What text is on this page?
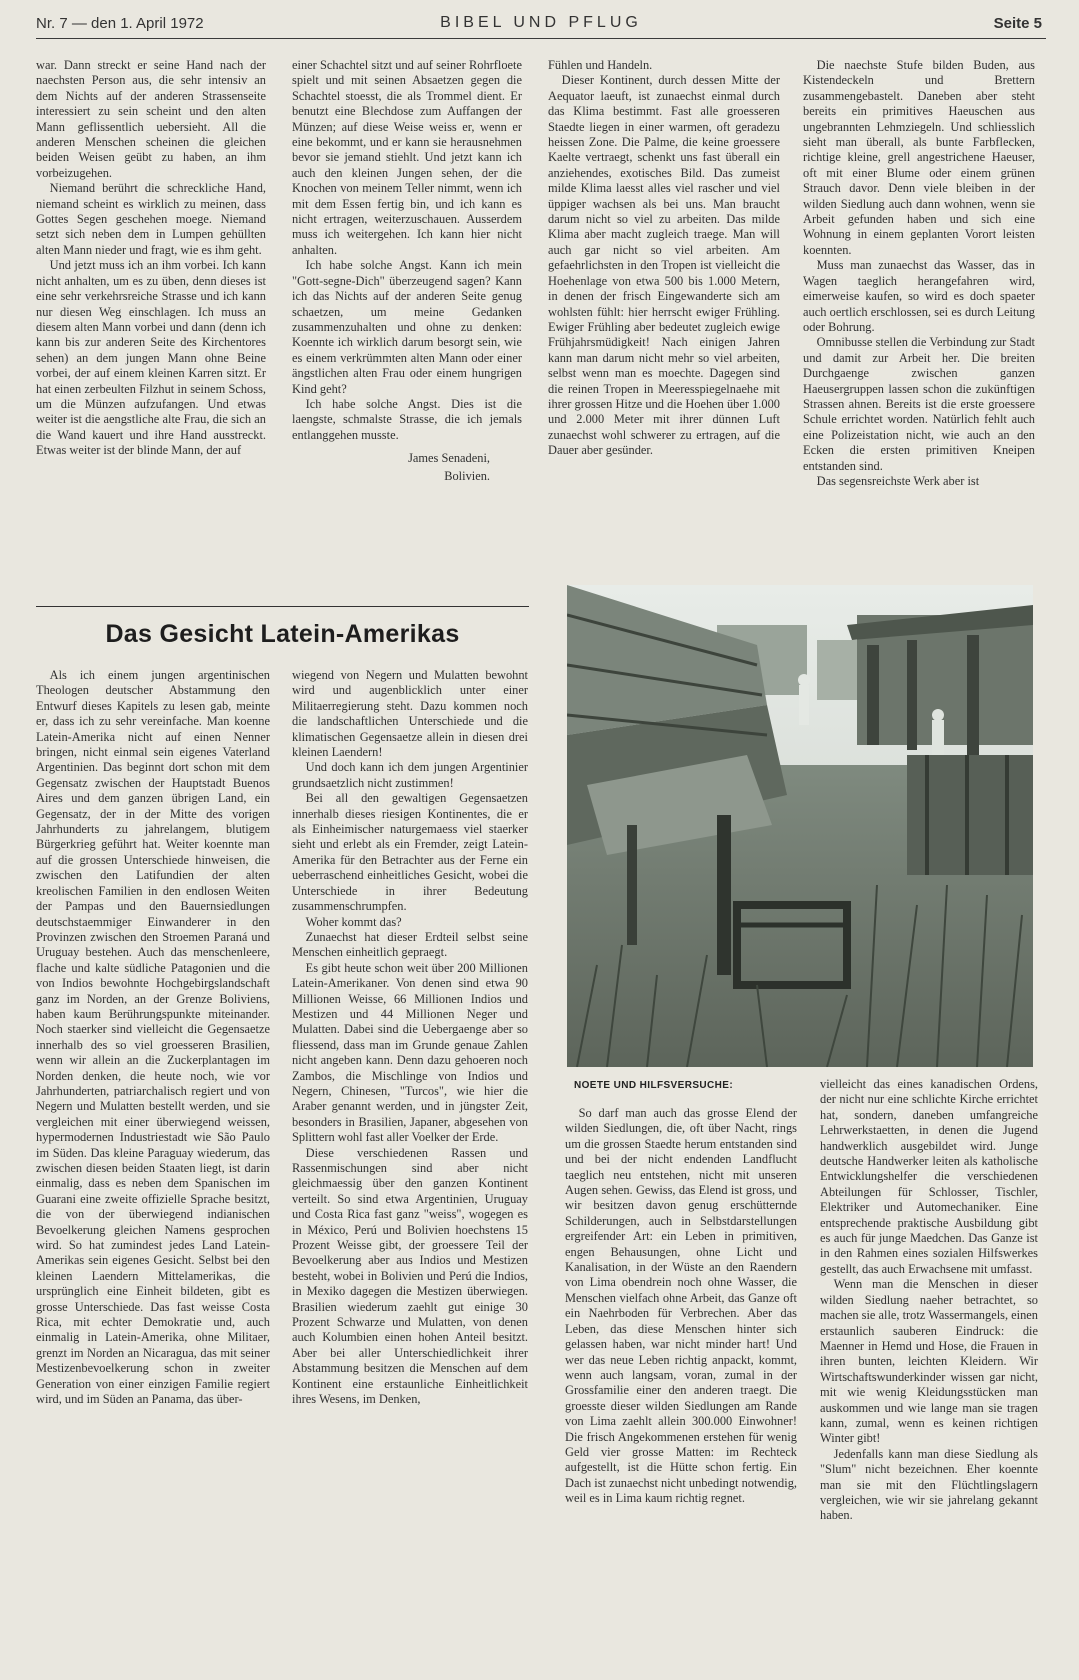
Nr. 7 — den 1. April 1972	BIBEL UND PFLUG	Seite 5

war. Dann streckt er seine Hand nach der naechsten Person aus, die sehr intensiv an dem Nichts auf der anderen Strassenseite interessiert zu sein scheint und den alten Mann geflissentlich uebersieht. All die anderen Menschen scheinen die gleichen beiden Weisen geübt zu haben, an ihm vorbeizugehen.

Niemand berührt die schreckliche Hand, niemand scheint es wirklich zu meinen, dass Gottes Segen geschehen moege. Niemand setzt sich neben dem in Lumpen gehüllten alten Mann nieder und fragt, wie es ihm geht.

Und jetzt muss ich an ihm vorbei. Ich kann nicht anhalten, um es zu üben, denn dieses ist eine sehr verkehrsreiche Strasse und ich kann nur diesen Weg einschlagen. Ich muss an diesem alten Mann vorbei und dann (denn ich kann bis zur anderen Seite des Kirchentores sehen) an dem jungen Mann ohne Beine vorbei, der auf einem kleinen Karren sitzt. Er hat einen zerbeulten Filzhut in seinem Schoss, um die Münzen aufzufangen. Und etwas weiter ist die aengstliche alte Frau, die sich an die Wand kauert und ihre Hand ausstreckt. Etwas weiter ist der blinde Mann, der auf

einer Schachtel sitzt und auf seiner Rohrfloete spielt und mit seinen Absaetzen gegen die Schachtel stoesst, die als Trommel dient. Er benutzt eine Blechdose zum Auffangen der Münzen; auf diese Weise weiss er, wenn er eine bekommt, und er kann sie herausnehmen bevor sie jemand stiehlt. Und jetzt kann ich auch den kleinen Jungen sehen, der die Knochen von meinem Teller nimmt, wenn ich mit dem Essen fertig bin, und ich kann es nicht ertragen, weiterzuschauen. Ausserdem muss ich weitergehen. Ich kann hier nicht anhalten.

Ich habe solche Angst. Kann ich mein "Gott-segne-Dich" überzeugend sagen? Kann ich das Nichts auf der anderen Seite genug schaetzen, um meine Gedanken zusammenzuhalten und ohne zu denken: Koennte ich wirklich darum besorgt sein, wie es einem verkrümmten alten Mann oder einer ängstlichen alten Frau oder einem hungrigen Kind geht?

Ich habe solche Angst. Dies ist die laengste, schmalste Strasse, die ich jemals entlanggehen musste.

James Senadeni,
Bolivien.

Fühlen und Handeln.

Dieser Kontinent, durch dessen Mitte der Aequator laeuft, ist zunaechst einmal durch das Klima bestimmt. Fast alle groesseren Staedte liegen in einer warmen, oft geradezu heissen Zone. Die Palme, die keine groessere Kaelte vertraegt, schenkt uns fast überall ein anziehendes, exotisches Bild. Das zumeist milde Klima laesst alles viel rascher und viel üppiger wachsen als bei uns. Man braucht darum nicht so viel zu arbeiten. Das milde Klima aber macht zugleich traege. Man will auch gar nicht so viel arbeiten. Am gefaehrlichsten in den Tropen ist vielleicht die Hoehenlage von etwa 500 bis 1.000 Metern, in denen der frisch Eingewanderte sich am wohlsten fühlt: hier herrscht ewiger Frühling. Ewiger Frühling aber bedeutet zugleich ewige Frühjahrsmüdigkeit! Nach einigen Jahren kann man darum nicht mehr so viel arbeiten, selbst wenn man es moechte. Dagegen sind die reinen Tropen in Meeresspiegelnaehe mit ihrer grossen Hitze und die Hoehen über 1.000 und 2.000 Meter mit ihrer dünnen Luft zunaechst wohl schwerer zu ertragen, auf die Dauer aber gesünder.

Die naechste Stufe bilden Buden, aus Kistendeckeln und Brettern zusammengebastelt. Daneben aber steht bereits ein primitives Haeuschen aus ungebrannten Lehmziegeln. Und schliesslich sieht man überall, als bunte Farbflecken, richtige kleine, grell angestrichene Haeuser, oft mit einer Blume oder einem grünen Strauch davor. Denn viele bleiben in der wilden Siedlung auch dann wohnen, wenn sie Arbeit gefunden haben und sich eine Wohnung in einem geplanten Vorort leisten koennten.

Muss man zunaechst das Wasser, das in Wagen taeglich herangefahren wird, eimerweise kaufen, so wird es doch spaeter auch oertlich erschlossen, sei es durch Leitung oder Bohrung.

Omnibusse stellen die Verbindung zur Stadt und damit zur Arbeit her. Die breiten Durchgaenge zwischen ganzen Haeusergruppen lassen schon die zukünftigen Strassen ahnen. Bereits ist die erste groessere Schule errichtet worden. Natürlich fehlt auch eine Polizeistation nicht, wie auch an den Ecken die ersten primitiven Kneipen entstanden sind.

Das segensreichste Werk aber ist

Das Gesicht Latein-Amerikas

Als ich einem jungen argentinischen Theologen deutscher Abstammung den Entwurf dieses Kapitels zu lesen gab, meinte er, dass ich zu sehr vereinfache. Man koenne Latein-Amerika nicht auf einen Nenner bringen, nicht einmal sein eigenes Vaterland Argentinien. Das beginnt dort schon mit dem Gegensatz zwischen der Hauptstadt Buenos Aires und dem ganzen übrigen Land, ein Gegensatz, der in der Mitte des vorigen Jahrhunderts zu jahrelangem, blutigem Bürgerkrieg geführt hat. Weiter koennte man auf die grossen Unterschiede hinweisen, die zwischen den Latifundien der alten kreolischen Familien in den endlosen Weiten der Pampas und den Bauernsiedlungen deutschstaemmiger Einwanderer in den Provinzen zwischen den Stroemen Paraná und Uruguay bestehen. Auch das menschenleere, flache und kalte südliche Patagonien und die von Indios bewohnte Hochgebirgslandschaft ganz im Norden, an der Grenze Boliviens, haben kaum Berührungspunkte miteinander. Noch staerker sind vielleicht die Gegensaetze innerhalb des so viel groesseren Brasilien, wenn wir allein an die Zuckerplantagen im Norden denken, die heute noch, wie vor Jahrhunderten, patriarchalisch regiert und von Negern und Mulatten bestellt werden, und sie vergleichen mit einer überwiegend weissen, hypermodernen Industriestadt wie São Paulo im Süden. Das kleine Paraguay wiederum, das zwischen diesen beiden Staaten liegt, ist darin einmalig, dass es neben dem Spanischen im Guarani eine zweite offizielle Sprache besitzt, die von der überwiegend indianischen Bevoelkerung gleichen Namens gesprochen wird. So hat zumindest jedes Land Latein-Amerikas sein eigenes Gesicht. Selbst bei den kleinen Laendern Mittelamerikas, die ursprünglich eine Einheit bildeten, gibt es grosse Unterschiede. Das fast weisse Costa Rica, mit echter Demokratie und, auch einmalig in Latein-Amerika, ohne Militaer, grenzt im Norden an Nicaragua, das mit seiner Mestizenbevoelkerung schon in zweiter Generation von einer einzigen Familie regiert wird, und im Süden an Panama, das über-

wiegend von Negern und Mulatten bewohnt wird und augenblicklich unter einer Militaerregierung steht. Dazu kommen noch die landschaftlichen Unterschiede und die klimatischen Gegensaetze allein in diesen drei kleinen Laendern!

Und doch kann ich dem jungen Argentinier grundsaetzlich nicht zustimmen!

Bei all den gewaltigen Gegensaetzen innerhalb dieses riesigen Kontinentes, die er als Einheimischer naturgemaess viel staerker sieht und erlebt als ein Fremder, zeigt Latein-Amerika für den Betrachter aus der Ferne ein ueberraschend einheitliches Gesicht, wobei die Unterschiede in ihrer Bedeutung zusammenschrumpfen.

Woher kommt das?

Zunaechst hat dieser Erdteil selbst seine Menschen einheitlich gepraegt.

Es gibt heute schon weit über 200 Millionen Latein-Amerikaner. Von denen sind etwa 90 Millionen Weisse, 66 Millionen Indios und Mestizen und 44 Millionen Neger und Mulatten. Dabei sind die Uebergaenge aber so fliessend, dass man im Grunde genaue Zahlen nicht angeben kann. Denn dazu gehoeren noch Zambos, die Mischlinge von Indios und Negern, Chinesen, "Turcos", wie hier die Araber genannt werden, und in jüngster Zeit, besonders in Brasilien, Japaner, abgesehen von Splittern wohl fast aller Voelker der Erde.

Diese verschiedenen Rassen und Rassenmischungen sind aber nicht gleichmaessig über den ganzen Kontinent verteilt. So sind etwa Argentinien, Uruguay und Costa Rica fast ganz "weiss", wogegen es in México, Perú und Bolivien hoechstens 15 Prozent Weisse gibt, der groessere Teil der Bevoelkerung aber aus Indios und Mestizen besteht, wobei in Bolivien und Perú die Indios, in Mexiko dagegen die Mestizen überwiegen. Brasilien wiederum zaehlt gut einige 30 Prozent Schwarze und Mulatten, von denen auch Kolumbien einen hohen Anteil besitzt. Aber bei aller Unterschiedlichkeit ihrer Abstammung besitzen die Menschen auf dem Kontinent eine erstaunliche Einheitlichkeit ihres Wesens, im Denken,

NOETE UND HILFSVERSUCHE:

So darf man auch das grosse Elend der wilden Siedlungen, die, oft über Nacht, rings um die grossen Staedte herum entstanden sind und bei der nicht endenden Landflucht taeglich neu entstehen, nicht mit unseren Augen sehen. Gewiss, das Elend ist gross, und wir besitzen davon genug erschütternde Schilderungen, auch in Selbstdarstellungen ergreifender Art: ein Leben in primitiven, engen Behausungen, ohne Licht und Kanalisation, in der Wüste an den Raendern von Lima obendrein noch ohne Wasser, die Menschen vielfach ohne Arbeit, das Ganze oft ein Naehrboden für Verbrechen. Aber das Leben, das diese Menschen hinter sich gelassen haben, war nicht minder hart! Und wer das neue Leben richtig anpackt, kommt, wenn auch langsam, voran, zumal in der Grossfamilie einer den anderen traegt. Die groesste dieser wilden Siedlungen am Rande von Lima zaehlt allein 300.000 Einwohner! Die frisch Angekommenen erstehen für wenig Geld vier grosse Matten: im Rechteck aufgestellt, ist die Hütte schon fertig. Ein Dach ist zunaechst nicht unbedingt notwendig, weil es in Lima kaum richtig regnet.

vielleicht das eines kanadischen Ordens, der nicht nur eine schlichte Kirche errichtet hat, sondern, daneben umfangreiche Lehrwerkstaetten, in denen die Jugend handwerklich ausgebildet wird. Junge deutsche Handwerker leiten als katholische Entwicklungshelfer die verschiedenen Abteilungen für Schlosser, Tischler, Elektriker und Automechaniker. Eine entsprechende praktische Ausbildung gibt es auch für junge Maedchen. Das Ganze ist in den Rahmen eines sozialen Hilfswerkes gestellt, das auch Erwachsene mit umfasst.

Wenn man die Menschen in dieser wilden Siedlung naeher betrachtet, so machen sie alle, trotz Wassermangels, einen erstaunlich sauberen Eindruck: die Maenner in Hemd und Hose, die Frauen in ihren bunten, leichten Kleidern. Wir Wirtschaftswunderkinder wissen gar nicht, mit wie wenig Kleidungsstücken man auskommen und wie lange man sie tragen kann, zumal, wenn es keinen richtigen Winter gibt!

Jedenfalls kann man diese Siedlung als "Slum" nicht bezeichnen. Eher koennte man sie mit den Flüchtlingslagern vergleichen, wie wir sie jahrelang gekannt haben.
